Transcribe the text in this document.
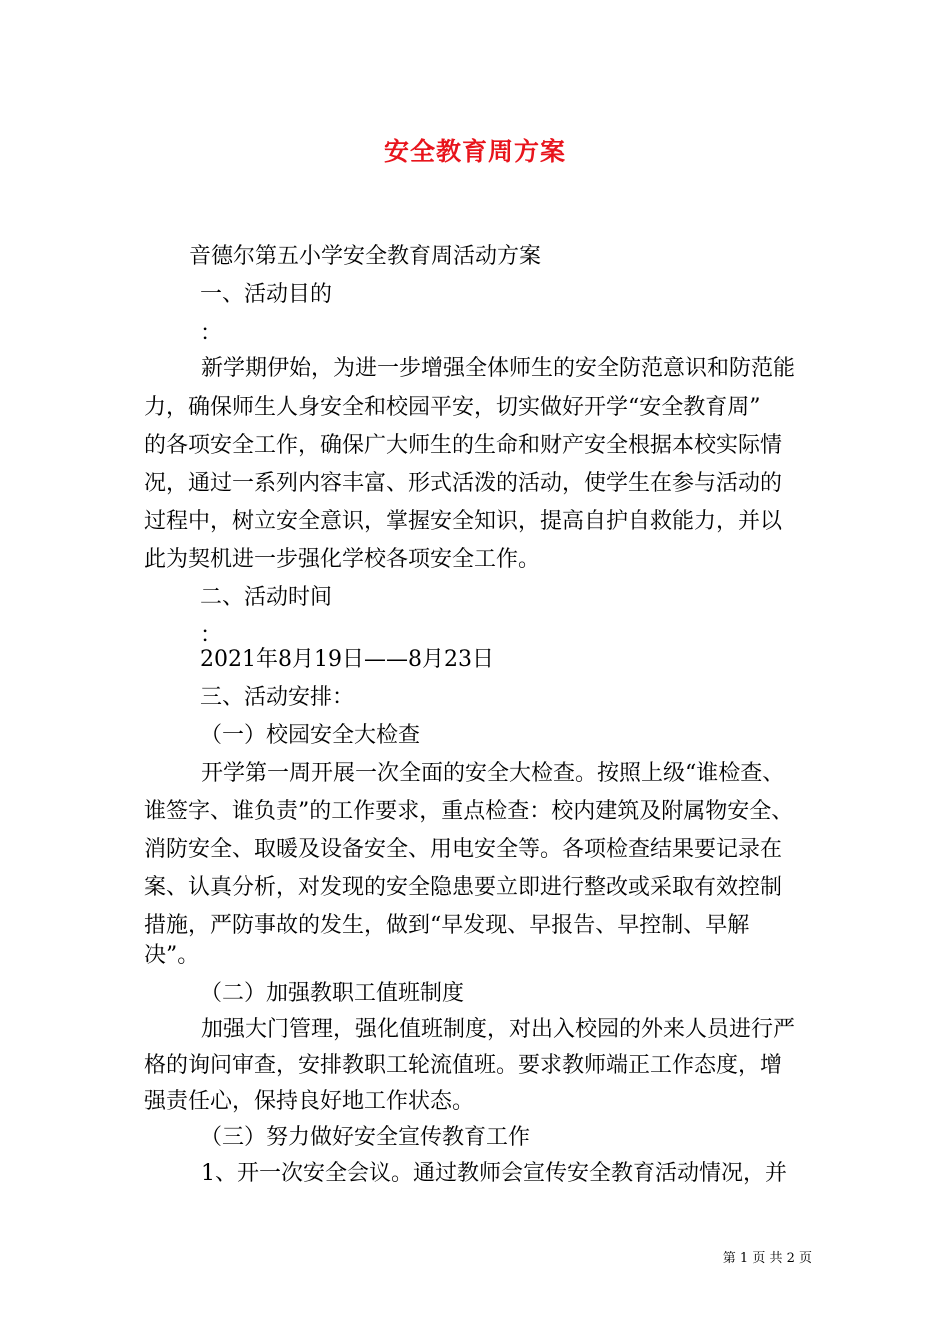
安全教育周方案
音德尔第五小学安全教育周活动方案
一、活动目的
：
新学期伊始，为进一步增强全体师生的安全防范意识和防范能
力，确保师生人身安全和校园平安，切实做好开学“安全教育周”
的各项安全工作，确保广大师生的生命和财产安全根据本校实际情
况，通过一系列内容丰富、形式活泼的活动，使学生在参与活动的
过程中，树立安全意识，掌握安全知识，提高自护自救能力，并以
此为契机进一步强化学校各项安全工作。
二、活动时间
：
2021年8月19日——8月23日
三、活动安排：
（一）校园安全大检查
开学第一周开展一次全面的安全大检查。按照上级“谁检查、
谁签字、谁负责”的工作要求，重点检查：校内建筑及附属物安全、
消防安全、取暖及设备安全、用电安全等。各项检查结果要记录在
案、认真分析，对发现的安全隐患要立即进行整改或采取有效控制
措施，严防事故的发生，做到“早发现、早报告、早控制、早解
决”。
（二）加强教职工值班制度
加强大门管理，强化值班制度，对出入校园的外来人员进行严
格的询问审查，安排教职工轮流值班。要求教师端正工作态度，增
强责任心，保持良好地工作状态。
（三）努力做好安全宣传教育工作
1、开一次安全会议。通过教师会宣传安全教育活动情况，并
第 1 页 共 2 页
